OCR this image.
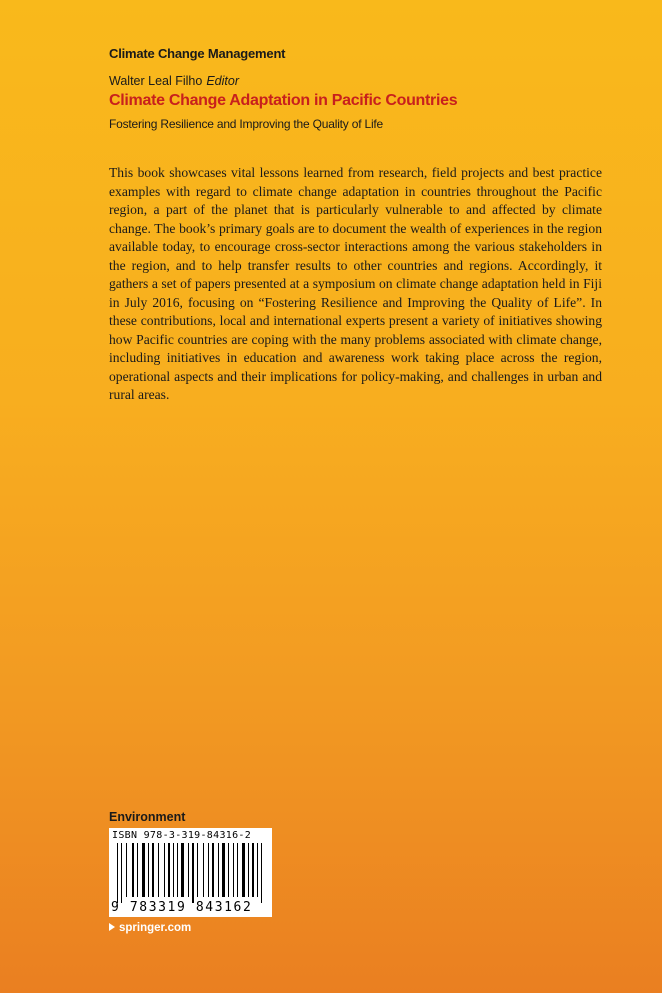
Climate Change Management
Walter Leal Filho Editor
Climate Change Adaptation in Pacific Countries
Fostering Resilience and Improving the Quality of Life

This book showcases vital lessons learned from research, field projects and best practice examples with regard to climate change adaptation in countries throughout the Pacific region, a part of the planet that is particularly vulnerable to and affected by climate change. The book’s primary goals are to document the wealth of experiences in the region available today, to encourage cross-sector interactions among the various stakeholders in the region, and to help transfer results to other countries and regions. Accordingly, it gathers a set of papers presented at a symposium on climate change adaptation held in Fiji in July 2016, focusing on “Fostering Resilience and Improving the Quality of Life”. In these contributions, local and international experts present a variety of initiatives showing how Pacific countries are coping with the many problems associated with climate change, including initiatives in education and awareness work taking place across the region, operational aspects and their implications for policy-making, and challenges in urban and rural areas.

Environment
ISBN 978-3-319-84316-2
9 783319 843162
springer.com
